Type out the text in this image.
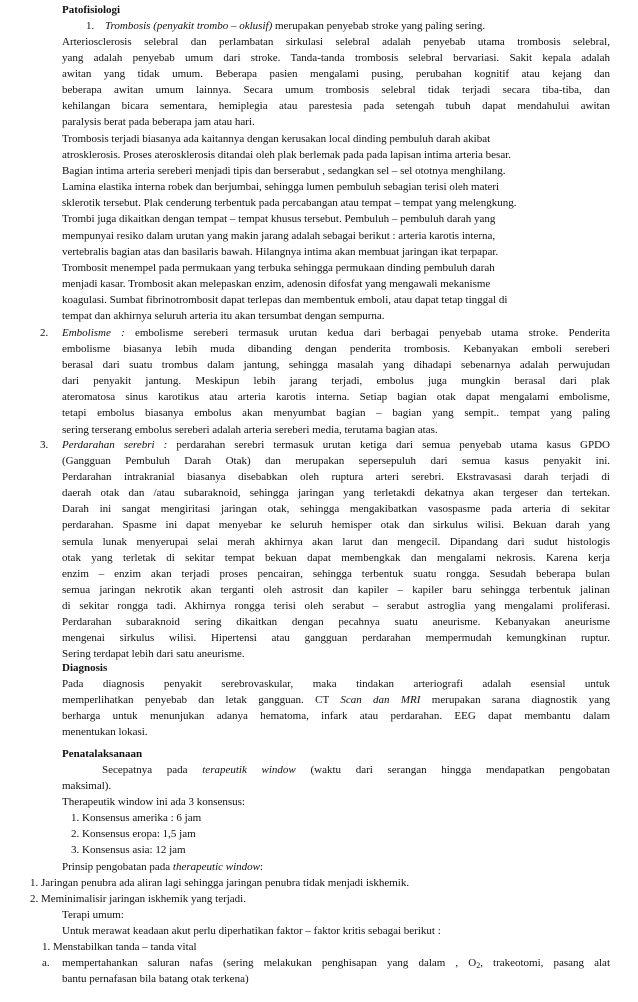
Patofisiologi
1. Trombosis (penyakit trombo – oklusif) merupakan penyebab stroke yang paling sering.
Arteriosclerosis selebral dan perlambatan sirkulasi selebral adalah penyebab utama trombosis selebral,
yang adalah penyebab umum dari stroke. Tanda-tanda trombosis selebral bervariasi. Sakit kepala adalah
awitan yang tidak umum. Beberapa pasien mengalami pusing, perubahan kognitif atau kejang dan
beberapa awitan umum lainnya. Secara umum trombosis selebral tidak terjadi secara tiba-tiba, dan
kehilangan bicara sementara, hemiplegia atau parestesia pada setengah tubuh dapat mendahului awitan
paralysis berat pada beberapa jam atau hari.
Trombosis terjadi biasanya ada kaitannya dengan kerusakan local dinding pembuluh darah akibat
atrosklerosis. Proses aterosklerosis ditandai oleh plak berlemak pada pada lapisan intima arteria besar.
Bagian intima arteria sereberi menjadi tipis dan berserabut , sedangkan sel – sel ototnya menghilang.
Lamina elastika interna robek dan berjumbai, sehingga lumen pembuluh sebagian terisi oleh materi
sklerotik tersebut. Plak cenderung terbentuk pada percabangan atau tempat – tempat yang melengkung.
Trombi juga dikaitkan dengan tempat – tempat khusus tersebut. Pembuluh – pembuluh darah yang
mempunyai resiko dalam urutan yang makin jarang adalah sebagai berikut : arteria karotis interna,
vertebralis bagian atas dan basilaris bawah. Hilangnya intima akan membuat jaringan ikat terpapar.
Trombosit menempel pada permukaan yang terbuka sehingga permukaan dinding pembuluh darah
menjadi kasar. Trombosit akan melepaskan enzim, adenosin difosfat yang mengawali mekanisme
koagulasi. Sumbat fibrinotrombosit dapat terlepas dan membentuk emboli, atau dapat tetap tinggal di
tempat dan akhirnya seluruh arteria itu akan tersumbat dengan sempurna.
2. Embolisme : embolisme sereberi termasuk urutan kedua dari berbagai penyebab utama stroke. Penderita
embolisme biasanya lebih muda dibanding dengan penderita trombosis. Kebanyakan emboli sereberi
berasal dari suatu trombus dalam jantung, sehingga masalah yang dihadapi sebenarnya adalah perwujudan
dari penyakit jantung. Meskipun lebih jarang terjadi, embolus juga mungkin berasal dari plak
ateromatosa sinus karotikus atau arteria karotis interna. Setiap bagian otak dapat mengalami embolisme,
tetapi embolus biasanya embolus akan menyumbat bagian – bagian yang sempit.. tempat yang paling
sering terserang embolus sereberi adalah arteria sereberi media, terutama bagian atas.
3. Perdarahan serebri : perdarahan serebri termasuk urutan ketiga dari semua penyebab utama kasus GPDO
(Gangguan Pembuluh Darah Otak) dan merupakan sepersepuluh dari semua kasus penyakit ini.
Perdarahan intrakranial biasanya disebabkan oleh ruptura arteri serebri. Ekstravasasi darah terjadi di
daerah otak dan /atau subaraknoid, sehingga jaringan yang terletakdi dekatnya akan tergeser dan tertekan.
Darah ini sangat mengiritasi jaringan otak, sehingga mengakibatkan vasospasme pada arteria di sekitar
perdarahan. Spasme ini dapat menyebar ke seluruh hemisper otak dan sirkulus wilisi. Bekuan darah yang
semula lunak menyerupai selai merah akhirnya akan larut dan mengecil. Dipandang dari sudut histologis
otak yang terletak di sekitar tempat bekuan dapat membengkak dan mengalami nekrosis. Karena kerja
enzim – enzim akan terjadi proses pencairan, sehingga terbentuk suatu rongga. Sesudah beberapa bulan
semua jaringan nekrotik akan terganti oleh astrosit dan kapiler – kapiler baru sehingga terbentuk jalinan
di sekitar rongga tadi. Akhirnya rongga terisi oleh serabut – serabut astroglia yang mengalami proliferasi.
Perdarahan subaraknoid sering dikaitkan dengan pecahnya suatu aneurisme. Kebanyakan aneurisme
mengenai sirkulus wilisi. Hipertensi atau gangguan perdarahan mempermudah kemungkinan ruptur.
Sering terdapat lebih dari satu aneurisme.
Diagnosis
Pada diagnosis penyakit serebrovaskular, maka tindakan arteriografi adalah esensial untuk
memperlihatkan penyebab dan letak gangguan. CT Scan dan MRI merupakan sarana diagnostik yang
berharga untuk menunjukan adanya hematoma, infark atau perdarahan. EEG dapat membantu dalam
menentukan lokasi.
Penatalaksanaan
Secepatnya pada terapeutik window (waktu dari serangan hingga mendapatkan pengobatan
maksimal).
Therapeutik window ini ada 3 konsensus:
1. Konsensus amerika : 6 jam
2. Konsensus eropa: 1,5 jam
3. Konsensus asia: 12 jam
Prinsip pengobatan pada therapeutic window:
1. Jaringan penubra ada aliran lagi sehingga jaringan penubra tidak menjadi iskhemik.
2. Meminimalisir jaringan iskhemik yang terjadi.
Terapi umum:
Untuk merawat keadaan akut perlu diperhatikan faktor – faktor kritis sebagai berikut :
1. Menstabilkan tanda – tanda vital
a. mempertahankan saluran nafas (sering melakukan penghisapan yang dalam , $O_2$, trakeotomi, pasang alat
bantu pernafasan bila batang otak terkena)
